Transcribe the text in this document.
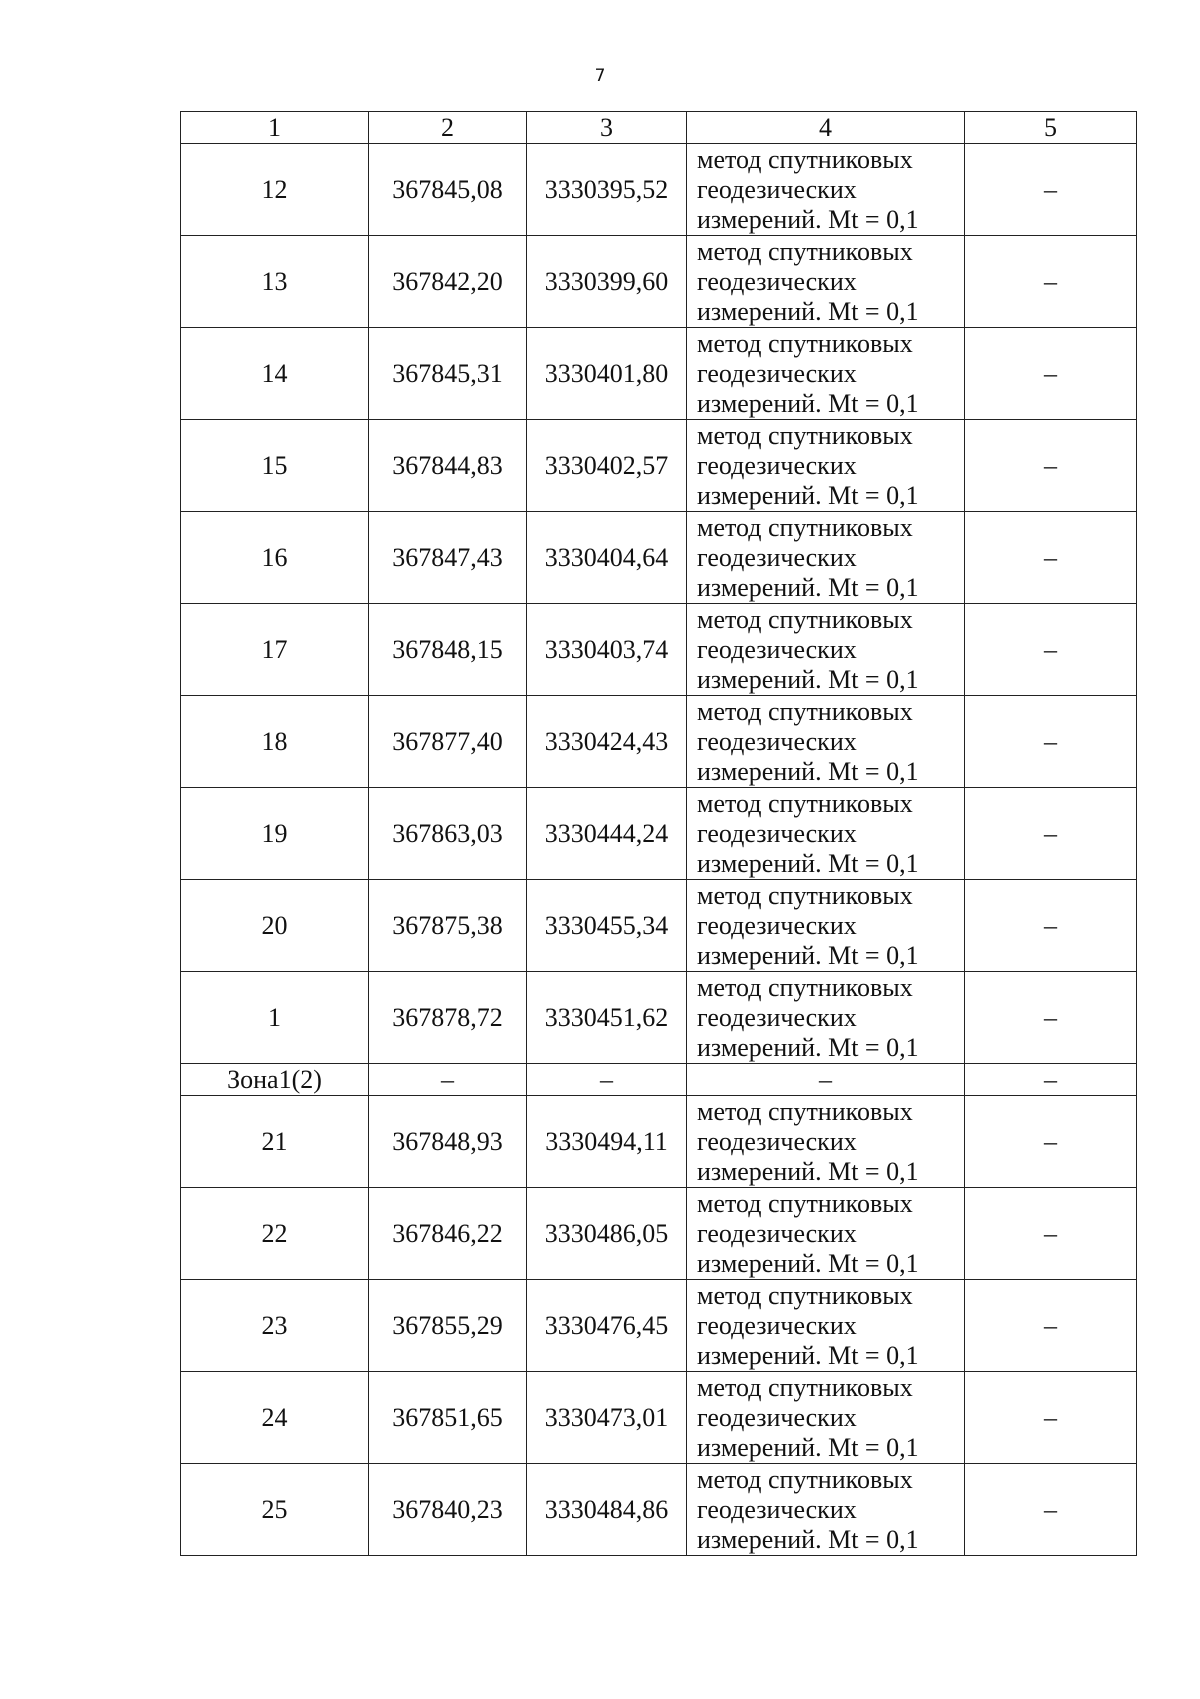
7
1	2	3	4	5
12	367845,08	3330395,52	метод спутниковых
геодезических
измерений. Mt = 0,1	–
13	367842,20	3330399,60	метод спутниковых
геодезических
измерений. Mt = 0,1	–
14	367845,31	3330401,80	метод спутниковых
геодезических
измерений. Mt = 0,1	–
15	367844,83	3330402,57	метод спутниковых
геодезических
измерений. Mt = 0,1	–
16	367847,43	3330404,64	метод спутниковых
геодезических
измерений. Mt = 0,1	–
17	367848,15	3330403,74	метод спутниковых
геодезических
измерений. Mt = 0,1	–
18	367877,40	3330424,43	метод спутниковых
геодезических
измерений. Mt = 0,1	–
19	367863,03	3330444,24	метод спутниковых
геодезических
измерений. Mt = 0,1	–
20	367875,38	3330455,34	метод спутниковых
геодезических
измерений. Mt = 0,1	–
1	367878,72	3330451,62	метод спутниковых
геодезических
измерений. Mt = 0,1	–
Зона1(2)	–	–	–	–
21	367848,93	3330494,11	метод спутниковых
геодезических
измерений. Mt = 0,1	–
22	367846,22	3330486,05	метод спутниковых
геодезических
измерений. Mt = 0,1	–
23	367855,29	3330476,45	метод спутниковых
геодезических
измерений. Mt = 0,1	–
24	367851,65	3330473,01	метод спутниковых
геодезических
измерений. Mt = 0,1	–
25	367840,23	3330484,86	метод спутниковых
геодезических
измерений. Mt = 0,1	–
